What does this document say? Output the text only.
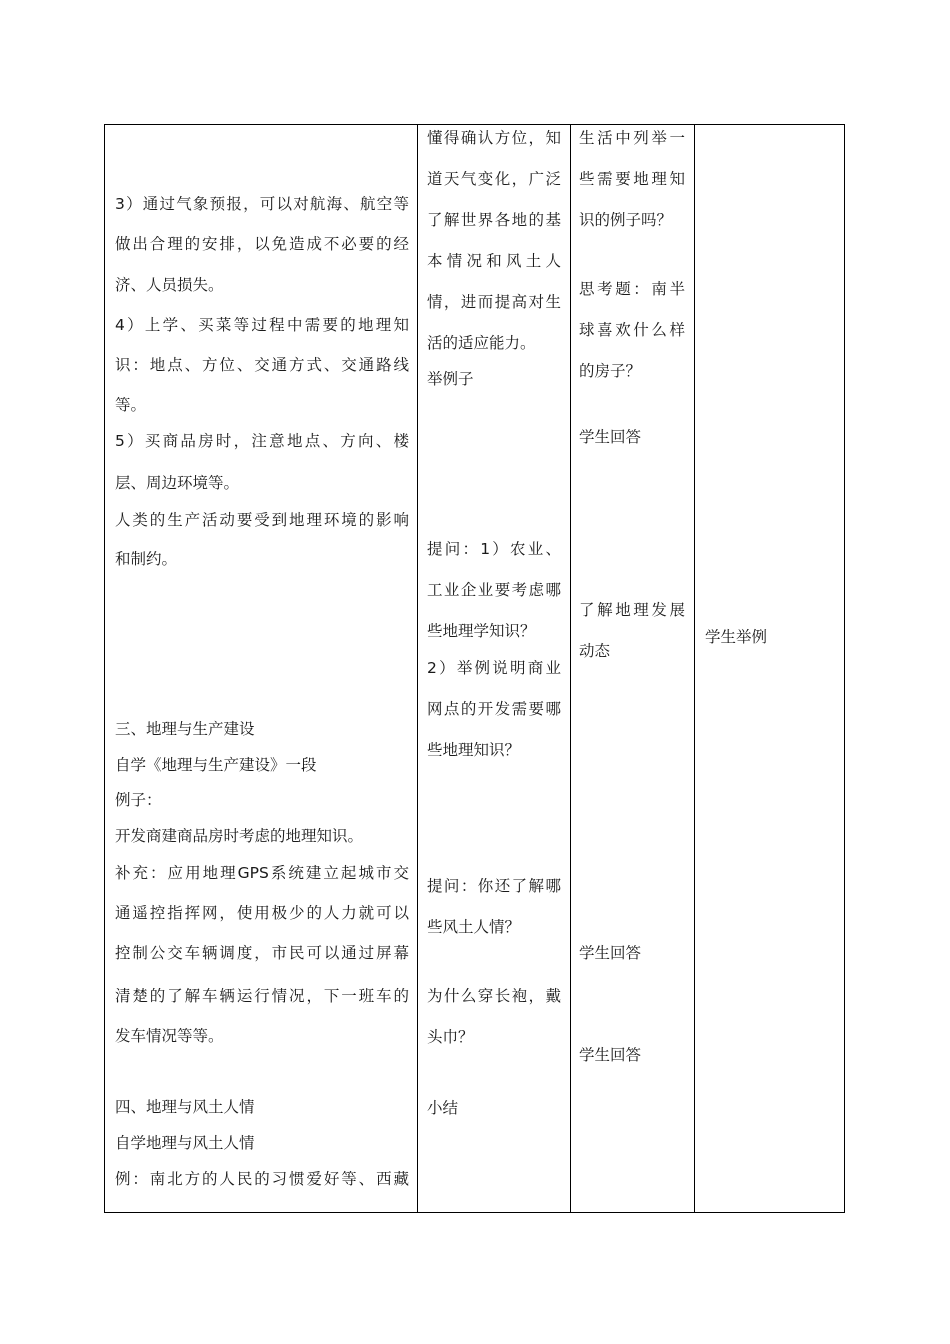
3）通过气象预报，可以对航海、航空等
做出合理的安排，以免造成不必要的经
济、人员损失。
4）上学、买菜等过程中需要的地理知
识：地点、方位、交通方式、交通路线
等。
5）买商品房时，注意地点、方向、楼
层、周边环境等。
人类的生产活动要受到地理环境的影响
和制约。
三、地理与生产建设
自学《地理与生产建设》一段
例子：
开发商建商品房时考虑的地理知识。
补充：应用地理GPS系统建立起城市交
通遥控指挥网，使用极少的人力就可以
控制公交车辆调度，市民可以通过屏幕
清楚的了解车辆运行情况，下一班车的
发车情况等等。
四、地理与风土人情
自学地理与风土人情
例：南北方的人民的习惯爱好等、西藏
懂得确认方位，知
道天气变化，广泛
了解世界各地的基
本情况和风土人
情，进而提高对生
活的适应能力。
举例子
提问：1）农业、
工业企业要考虑哪
些地理学知识？
2）举例说明商业
网点的开发需要哪
些地理知识？
提问：你还了解哪
些风土人情？
为什么穿长袍，戴
头巾？
小结
生活中列举一
些需要地理知
识的例子吗？
思考题：南半
球喜欢什么样
的房子？
学生回答
了解地理发展
动态
学生回答
学生回答
学生举例
